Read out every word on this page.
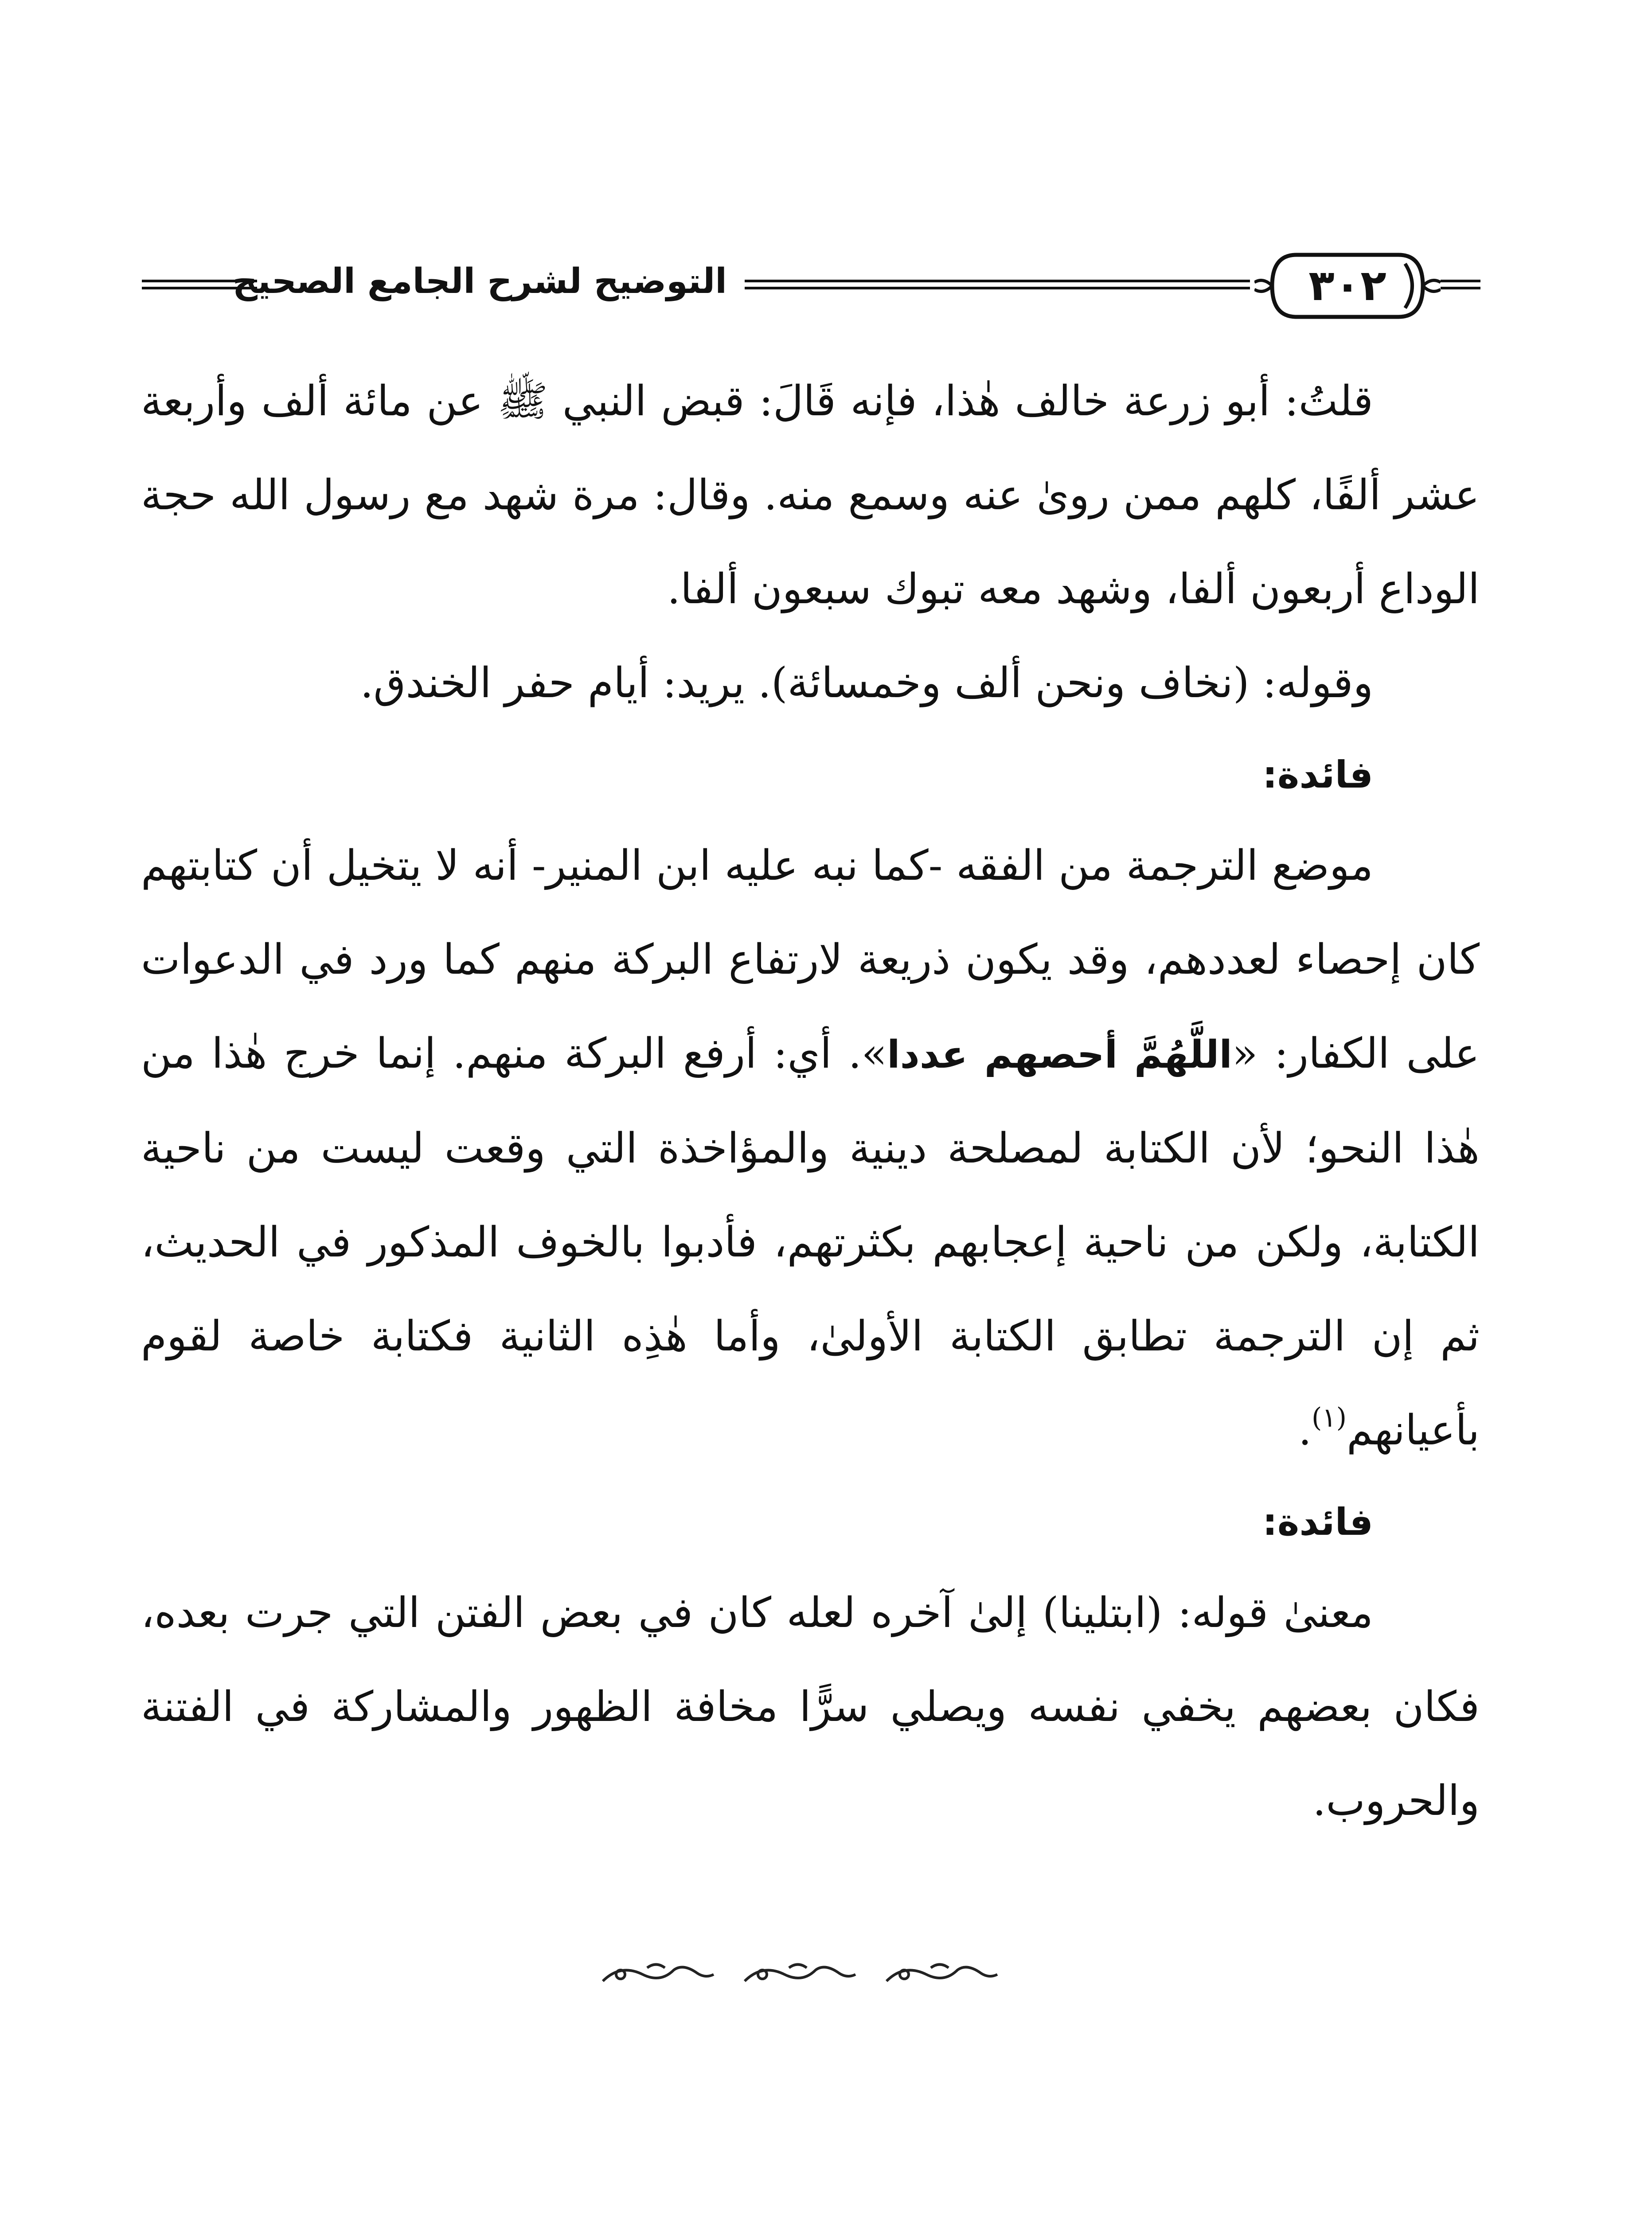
التوضيح لشرح الجامع الصحيح	٣٠٢

قلتُ: أبو زرعة خالف هٰذا، فإنه قَالَ: قبض النبي ﷺ عن مائة ألف وأربعة عشر ألفًا، كلهم ممن روىٰ عنه وسمع منه. وقال: مرة شهد مع رسول الله حجة الوداع أربعون ألفا، وشهد معه تبوك سبعون ألفا.

وقوله: (نخاف ونحن ألف وخمسائة). يريد: أيام حفر الخندق.

فائدة:

موضع الترجمة من الفقه -كما نبه عليه ابن المنير- أنه لا يتخيل أن كتابتهم كان إحصاء لعددهم، وقد يكون ذريعة لارتفاع البركة منهم كما ورد في الدعوات على الكفار: «اللَّهُمَّ أحصهم عددا». أي: أرفع البركة منهم. إنما خرج هٰذا من هٰذا النحو؛ لأن الكتابة لمصلحة دينية والمؤاخذة التي وقعت ليست من ناحية الكتابة، ولكن من ناحية إعجابهم بكثرتهم، فأدبوا بالخوف المذكور في الحديث، ثم إن الترجمة تطابق الكتابة الأولىٰ، وأما هٰذِه الثانية فكتابة خاصة لقوم بأعيانهم$^{(١)}$.

فائدة:

معنىٰ قوله: (ابتلينا) إلىٰ آخره لعله كان في بعض الفتن التي جرت بعده، فكان بعضهم يخفي نفسه ويصلي سرًّا مخافة الظهور والمشاركة في الفتنة والحروب.
